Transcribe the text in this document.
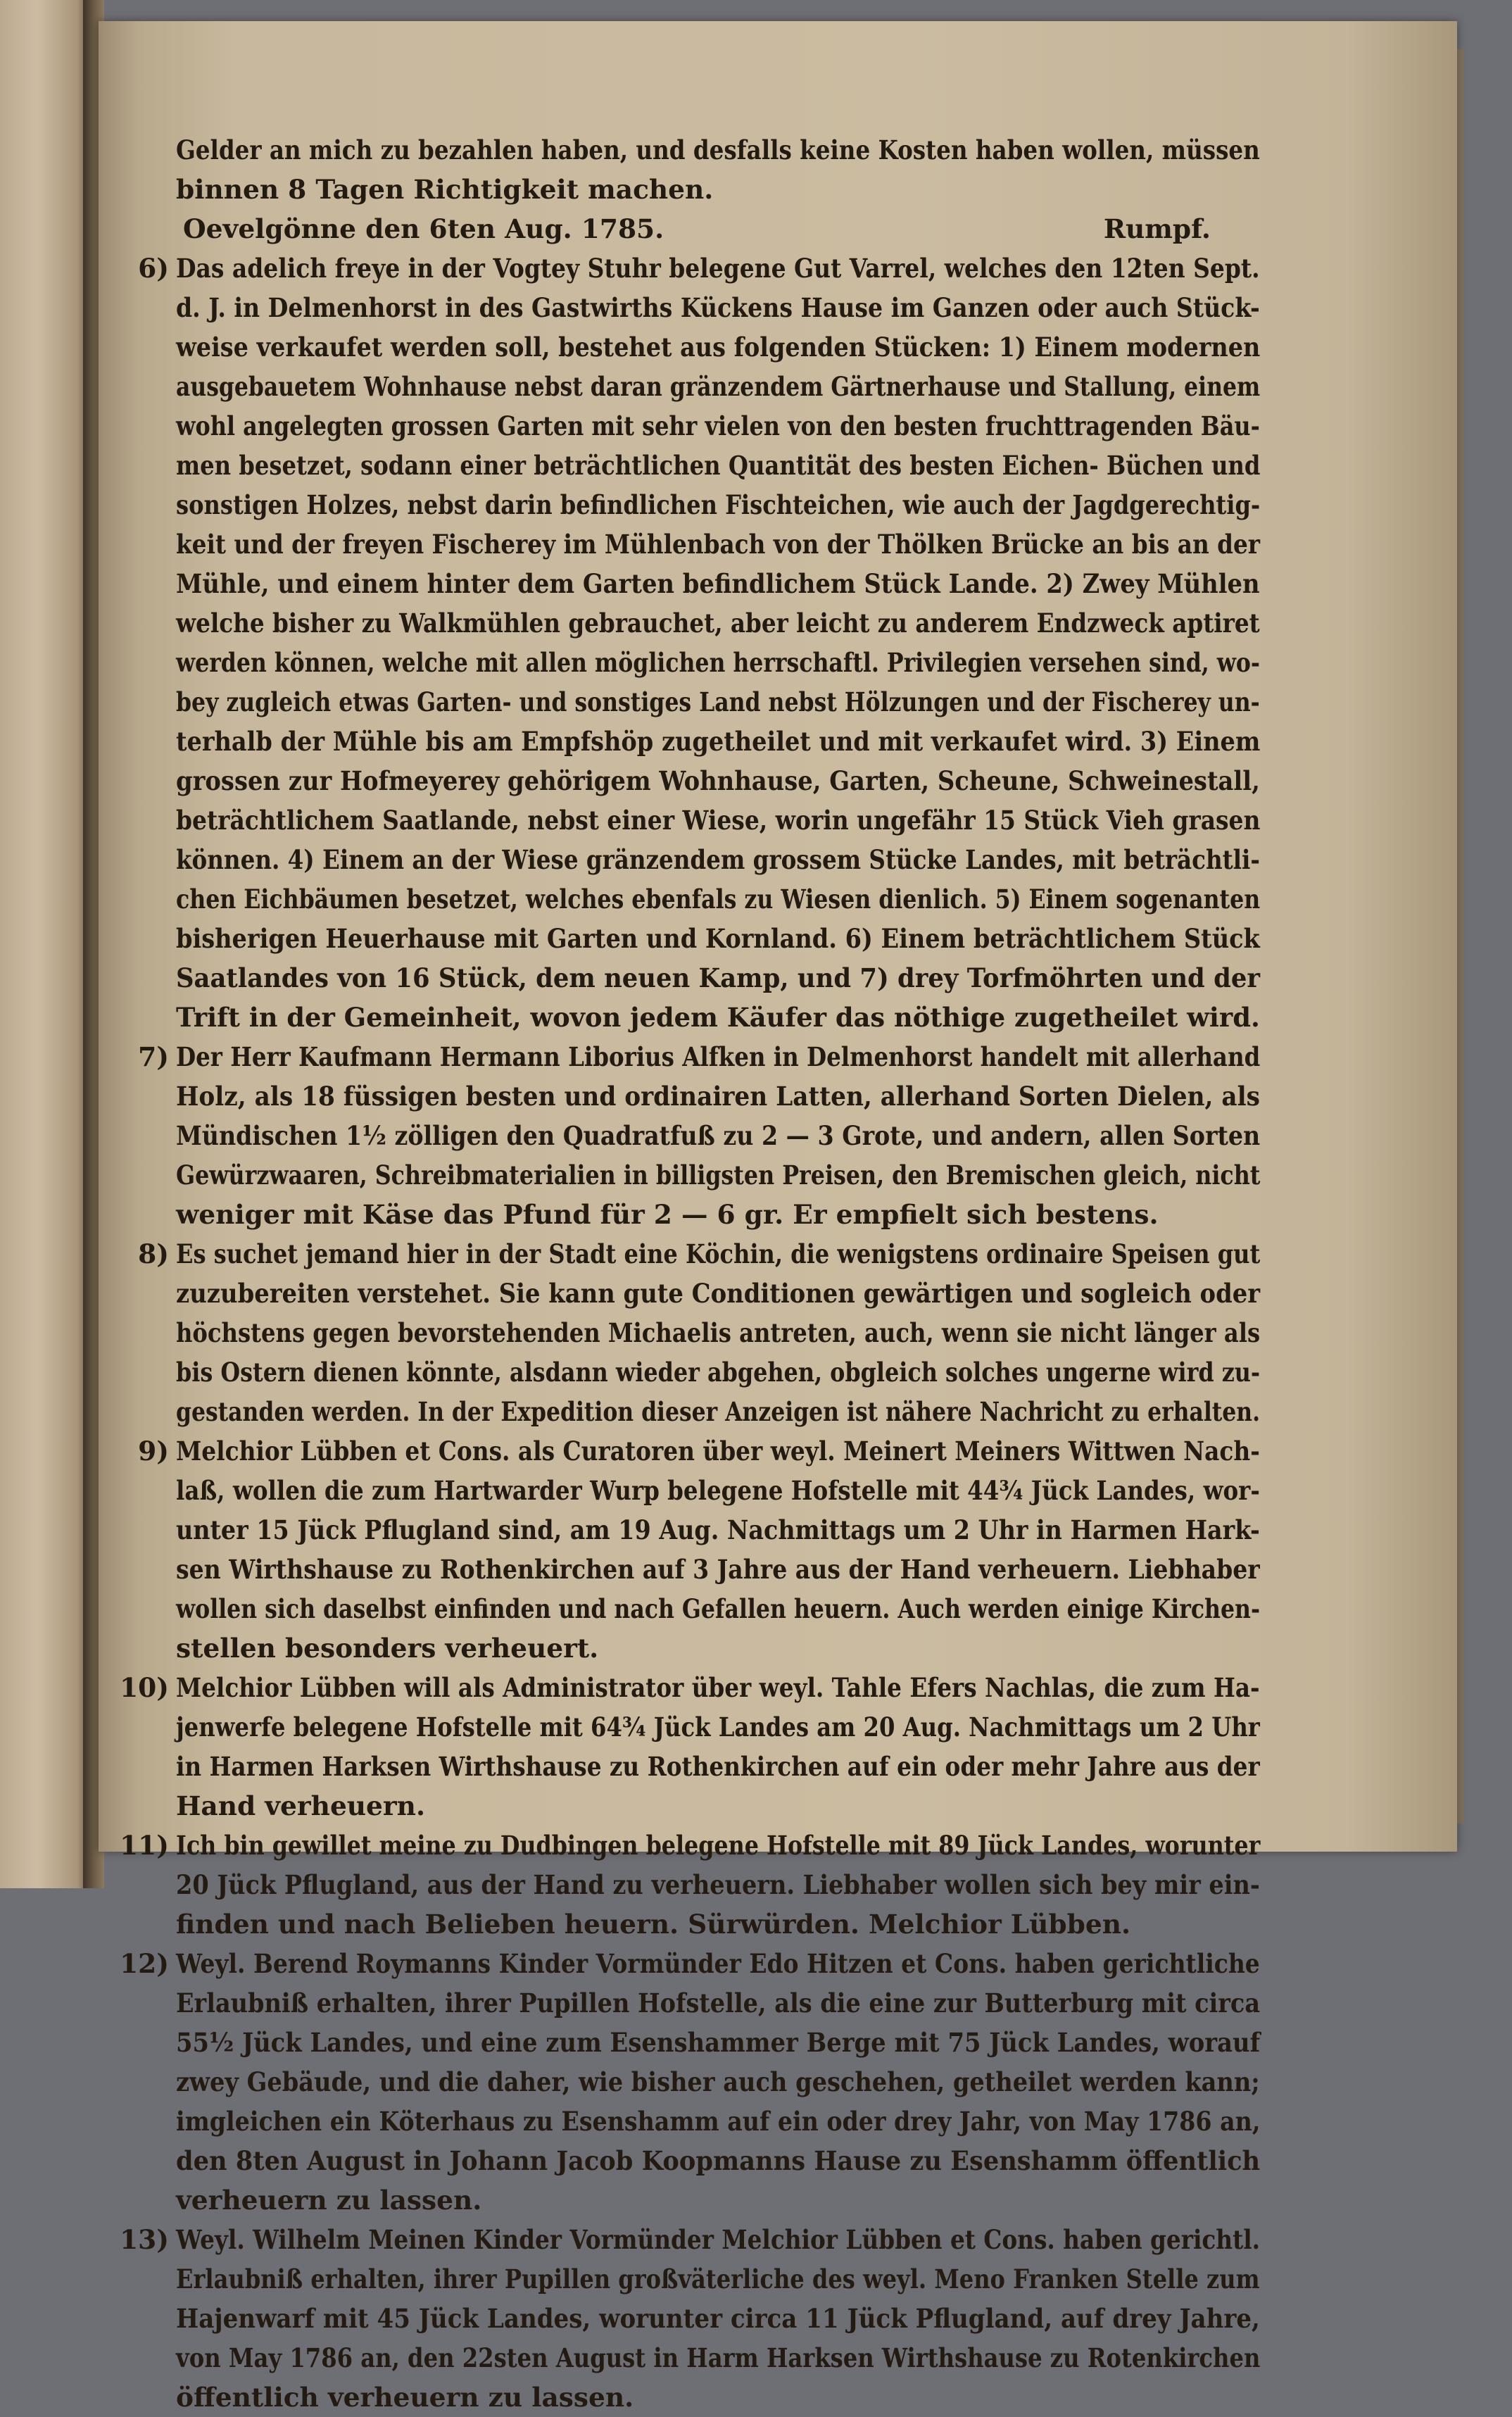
Gelder an mich zu bezahlen haben, und desfalls keine Kosten haben wollen, müssen
binnen 8 Tagen Richtigkeit machen.
Oevelgönne den 6ten Aug. 1785.	Rumpf.
6) Das adelich freye in der Vogtey Stuhr belegene Gut Varrel, welches den 12ten Sept.
d. J. in Delmenhorst in des Gastwirths Kückens Hause im Ganzen oder auch Stück-
weise verkaufet werden soll, bestehet aus folgenden Stücken: 1) Einem modernen
ausgebauetem Wohnhause nebst daran gränzendem Gärtnerhause und Stallung, einem
wohl angelegten grossen Garten mit sehr vielen von den besten fruchttragenden Bäu-
men besetzet, sodann einer beträchtlichen Quantität des besten Eichen- Büchen und
sonstigen Holzes, nebst darin befindlichen Fischteichen, wie auch der Jagdgerechtig-
keit und der freyen Fischerey im Mühlenbach von der Thölken Brücke an bis an der
Mühle, und einem hinter dem Garten befindlichem Stück Lande. 2) Zwey Mühlen
welche bisher zu Walkmühlen gebrauchet, aber leicht zu anderem Endzweck aptiret
werden können, welche mit allen möglichen herrschaftl. Privilegien versehen sind, wo-
bey zugleich etwas Garten- und sonstiges Land nebst Hölzungen und der Fischerey un-
terhalb der Mühle bis am Empfshöp zugetheilet und mit verkaufet wird. 3) Einem
grossen zur Hofmeyerey gehörigem Wohnhause, Garten, Scheune, Schweinestall,
beträchtlichem Saatlande, nebst einer Wiese, worin ungefähr 15 Stück Vieh grasen
können. 4) Einem an der Wiese gränzendem grossem Stücke Landes, mit beträchtli-
chen Eichbäumen besetzet, welches ebenfals zu Wiesen dienlich. 5) Einem sogenanten
bisherigen Heuerhause mit Garten und Kornland. 6) Einem beträchtlichem Stück
Saatlandes von 16 Stück, dem neuen Kamp, und 7) drey Torfmöhrten und der
Trift in der Gemeinheit, wovon jedem Käufer das nöthige zugetheilet wird.
7) Der Herr Kaufmann Hermann Liborius Alfken in Delmenhorst handelt mit allerhand
Holz, als 18 füssigen besten und ordinairen Latten, allerhand Sorten Dielen, als
Mündischen 1½ zölligen den Quadratfuß zu 2 — 3 Grote, und andern, allen Sorten
Gewürzwaaren, Schreibmaterialien in billigsten Preisen, den Bremischen gleich, nicht
weniger mit Käse das Pfund für 2 — 6 gr. Er empfielt sich bestens.
8) Es suchet jemand hier in der Stadt eine Köchin, die wenigstens ordinaire Speisen gut
zuzubereiten verstehet. Sie kann gute Conditionen gewärtigen und sogleich oder
höchstens gegen bevorstehenden Michaelis antreten, auch, wenn sie nicht länger als
bis Ostern dienen könnte, alsdann wieder abgehen, obgleich solches ungerne wird zu-
gestanden werden. In der Expedition dieser Anzeigen ist nähere Nachricht zu erhalten.
9) Melchior Lübben et Cons. als Curatoren über weyl. Meinert Meiners Wittwen Nach-
laß, wollen die zum Hartwarder Wurp belegene Hofstelle mit 44¾ Jück Landes, wor-
unter 15 Jück Pflugland sind, am 19 Aug. Nachmittags um 2 Uhr in Harmen Hark-
sen Wirthshause zu Rothenkirchen auf 3 Jahre aus der Hand verheuern. Liebhaber
wollen sich daselbst einfinden und nach Gefallen heuern. Auch werden einige Kirchen-
stellen besonders verheuert.
10) Melchior Lübben will als Administrator über weyl. Tahle Efers Nachlas, die zum Ha-
jenwerfe belegene Hofstelle mit 64¾ Jück Landes am 20 Aug. Nachmittags um 2 Uhr
in Harmen Harksen Wirthshause zu Rothenkirchen auf ein oder mehr Jahre aus der
Hand verheuern.
11) Ich bin gewillet meine zu Dudbingen belegene Hofstelle mit 89 Jück Landes, worunter
20 Jück Pflugland, aus der Hand zu verheuern. Liebhaber wollen sich bey mir ein-
finden und nach Belieben heuern. Sürwürden. Melchior Lübben.
12) Weyl. Berend Roymanns Kinder Vormünder Edo Hitzen et Cons. haben gerichtliche
Erlaubniß erhalten, ihrer Pupillen Hofstelle, als die eine zur Butterburg mit circa
55½ Jück Landes, und eine zum Esenshammer Berge mit 75 Jück Landes, worauf
zwey Gebäude, und die daher, wie bisher auch geschehen, getheilet werden kann;
imgleichen ein Köterhaus zu Esenshamm auf ein oder drey Jahr, von May 1786 an,
den 8ten August in Johann Jacob Koopmanns Hause zu Esenshamm öffentlich
verheuern zu lassen.
13) Weyl. Wilhelm Meinen Kinder Vormünder Melchior Lübben et Cons. haben gerichtl.
Erlaubniß erhalten, ihrer Pupillen großväterliche des weyl. Meno Franken Stelle zum
Hajenwarf mit 45 Jück Landes, worunter circa 11 Jück Pflugland, auf drey Jahre,
von May 1786 an, den 22sten August in Harm Harksen Wirthshause zu Rotenkirchen
öffentlich verheuern zu lassen.
